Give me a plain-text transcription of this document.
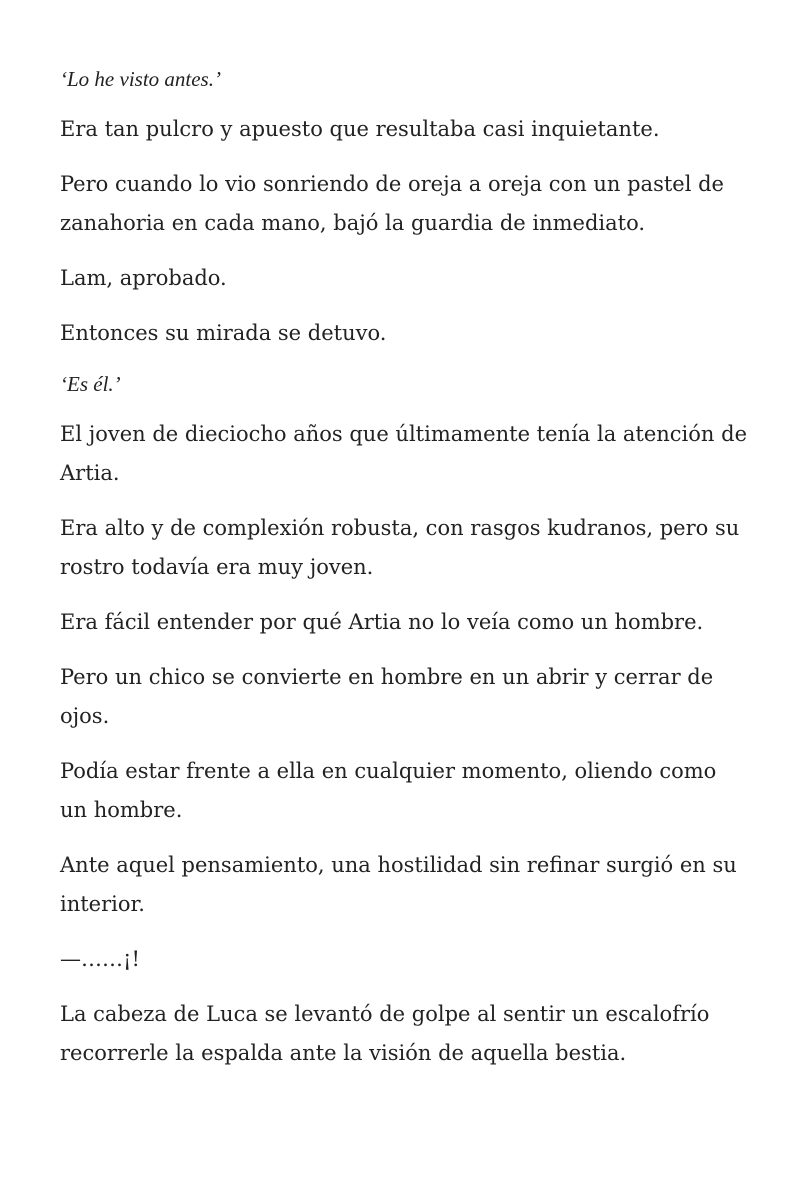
‘Lo he visto antes.’

Era tan pulcro y apuesto que resultaba casi inquietante.

Pero cuando lo vio sonriendo de oreja a oreja con un pastel de zanahoria en cada mano, bajó la guardia de inmediato.

Lam, aprobado.

Entonces su mirada se detuvo.

‘Es él.’

El joven de dieciocho años que últimamente tenía la atención de Artia.

Era alto y de complexión robusta, con rasgos kudranos, pero su rostro todavía era muy joven.

Era fácil entender por qué Artia no lo veía como un hombre.

Pero un chico se convierte en hombre en un abrir y cerrar de ojos.

Podía estar frente a ella en cualquier momento, oliendo como un hombre.

Ante aquel pensamiento, una hostilidad sin refinar surgió en su interior.

—……¡!

La cabeza de Luca se levantó de golpe al sentir un escalofrío recorrerle la espalda ante la visión de aquella bestia.
